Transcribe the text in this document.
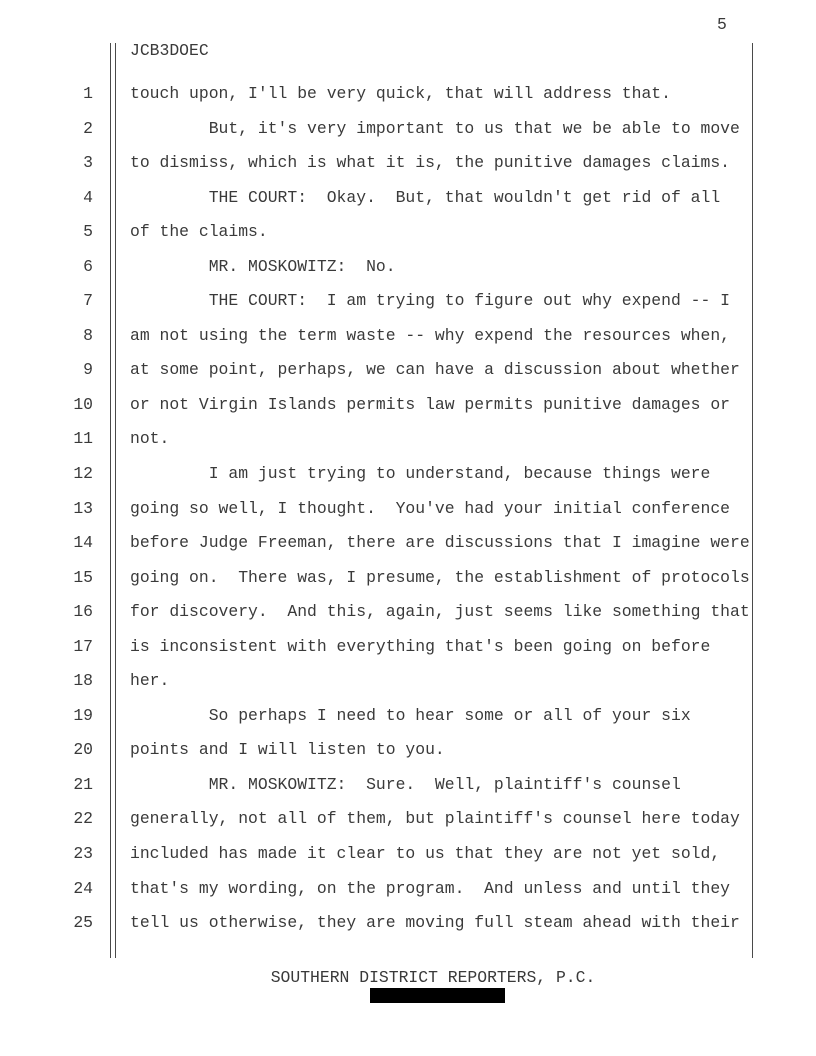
5
JCB3DOEC
1 touch upon, I'll be very quick, that will address that.
2 But, it's very important to us that we be able to move
3 to dismiss, which is what it is, the punitive damages claims.
4 THE COURT:  Okay.  But, that wouldn't get rid of all
5 of the claims.
6 MR. MOSKOWITZ:  No.
7 THE COURT:  I am trying to figure out why expend -- I
8 am not using the term waste -- why expend the resources when,
9 at some point, perhaps, we can have a discussion about whether
10 or not Virgin Islands permits law permits punitive damages or
11 not.
12 I am just trying to understand, because things were
13 going so well, I thought.  You've had your initial conference
14 before Judge Freeman, there are discussions that I imagine were
15 going on.  There was, I presume, the establishment of protocols
16 for discovery.  And this, again, just seems like something that
17 is inconsistent with everything that's been going on before
18 her.
19 So perhaps I need to hear some or all of your six
20 points and I will listen to you.
21 MR. MOSKOWITZ:  Sure.  Well, plaintiff's counsel
22 generally, not all of them, but plaintiff's counsel here today
23 included has made it clear to us that they are not yet sold,
24 that's my wording, on the program.  And unless and until they
25 tell us otherwise, they are moving full steam ahead with their
SOUTHERN DISTRICT REPORTERS, P.C.
